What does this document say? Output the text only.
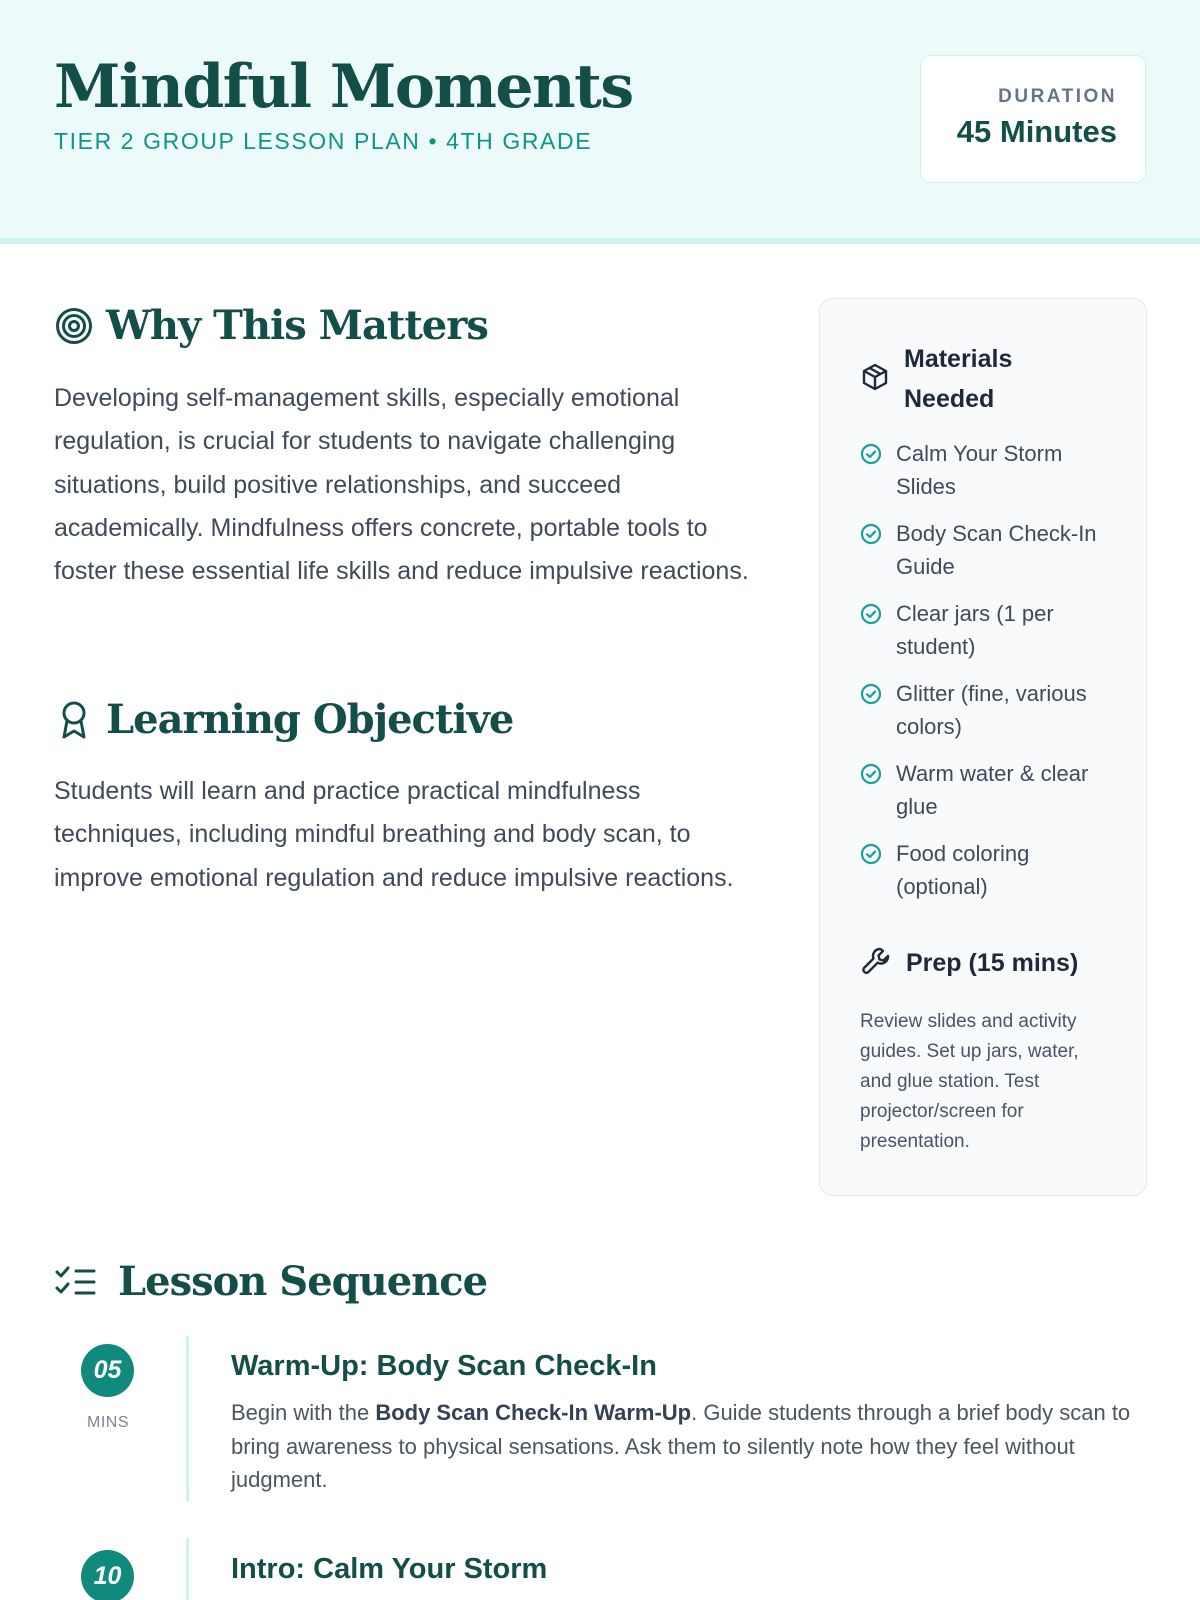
Mindful Moments
TIER 2 GROUP LESSON PLAN • 4TH GRADE
DURATION
45 Minutes
Why This Matters

Developing self-management skills, especially emotional regulation, is crucial for students to navigate challenging situations, build positive relationships, and succeed academically. Mindfulness offers concrete, portable tools to foster these essential life skills and reduce impulsive reactions.

Learning Objective

Students will learn and practice practical mindfulness techniques, including mindful breathing and body scan, to improve emotional regulation and reduce impulsive reactions.

Materials Needed
Calm Your Storm Slides
Body Scan Check-In Guide
Clear jars (1 per student)
Glitter (fine, various colors)
Warm water & clear glue
Food coloring (optional)
Prep (15 mins)

Review slides and activity guides. Set up jars, water, and glue station. Test projector/screen for presentation.

Lesson Sequence
05
MINS
Warm-Up: Body Scan Check-In

Begin with the Body Scan Check-In Warm-Up. Guide students through a brief body scan to bring awareness to physical sensations. Ask them to silently note how they feel without judgment.

10	Intro: Calm Your Storm
